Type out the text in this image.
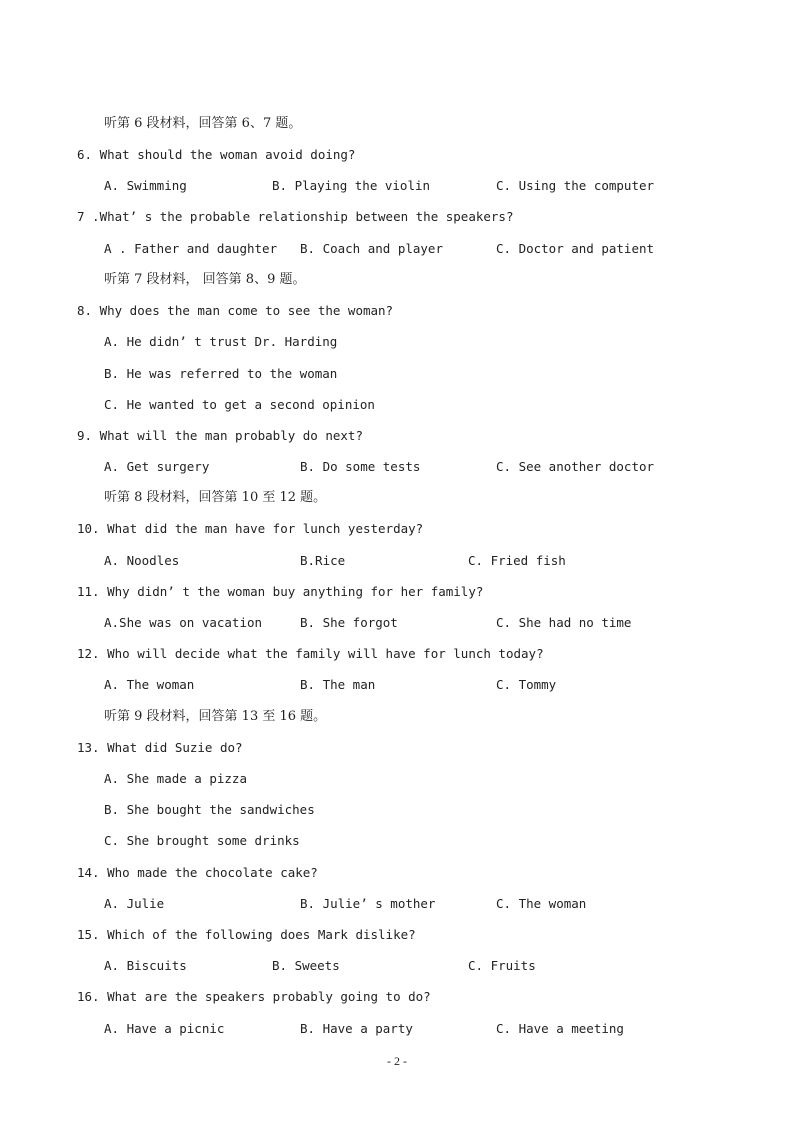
听第 6 段材料，回答第 6、7 题。
6. What should the woman avoid doing?
A. Swimming	B. Playing the violin	C. Using the computer
7 .What’ s the probable relationship between the speakers?
A . Father and daughter B. Coach and player	C. Doctor and patient
听第 7 段材料， 回答第 8、9 题。
8. Why does the man come to see the woman?
A. He didn’ t trust Dr. Harding
B. He was referred to the woman
C. He wanted to get a second opinion
9. What will the man probably do next?
A. Get surgery	B. Do some tests	C. See another doctor
听第 8 段材料，回答第 10 至 12 题。
10. What did the man have for lunch yesterday?
A. Noodles	B.Rice	C. Fried fish
11. Why didn’ t the woman buy anything for her family?
A.She was on vacation	B. She forgot	C. She had no time
12. Who will decide what the family will have for lunch today?
A. The woman	B. The man	C. Tommy
听第 9 段材料，回答第 13 至 16 题。
13. What did Suzie do?
A. She made a pizza
B. She bought the sandwiches
C. She brought some drinks
14. Who made the chocolate cake?
A. Julie	B. Julie’ s mother	C. The woman
15. Which of the following does Mark dislike?
A. Biscuits	B. Sweets	C. Fruits
16. What are the speakers probably going to do?
A. Have a picnic	B. Have a party	C. Have a meeting
- 2 -
